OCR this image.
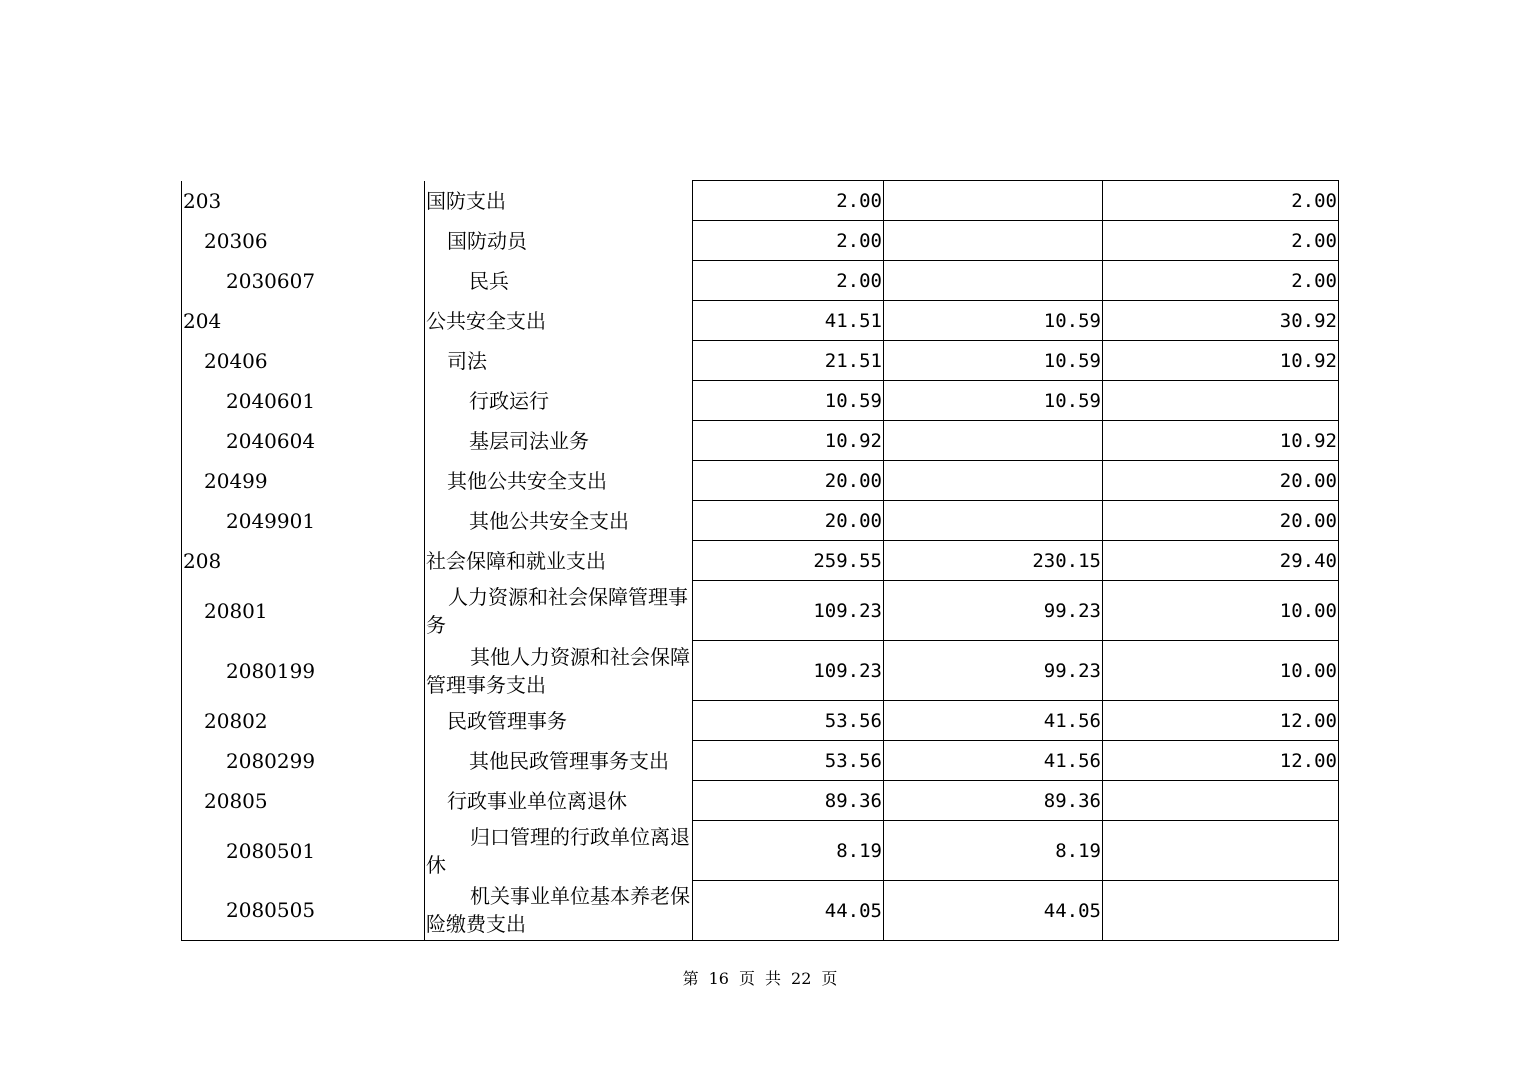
203	国防支出	2.00		2.00
20306	国防动员	2.00		2.00
2030607	民兵	2.00		2.00
204	公共安全支出	41.51	10.59	30.92
20406	司法	21.51	10.59	10.92
2040601	行政运行	10.59	10.59	
2040604	基层司法业务	10.92		10.92
20499	其他公共安全支出	20.00		20.00
2049901	其他公共安全支出	20.00		20.00
208	社会保障和就业支出	259.55	230.15	29.40
20801	人力资源和社会保障管理事务	109.23	99.23	10.00
2080199	其他人力资源和社会保障管理事务支出	109.23	99.23	10.00
20802	民政管理事务	53.56	41.56	12.00
2080299	其他民政管理事务支出	53.56	41.56	12.00
20805	行政事业单位离退休	89.36	89.36	
2080501	归口管理的行政单位离退休	8.19	8.19	
2080505	机关事业单位基本养老保险缴费支出	44.05	44.05	
第 16 页 共 22 页
